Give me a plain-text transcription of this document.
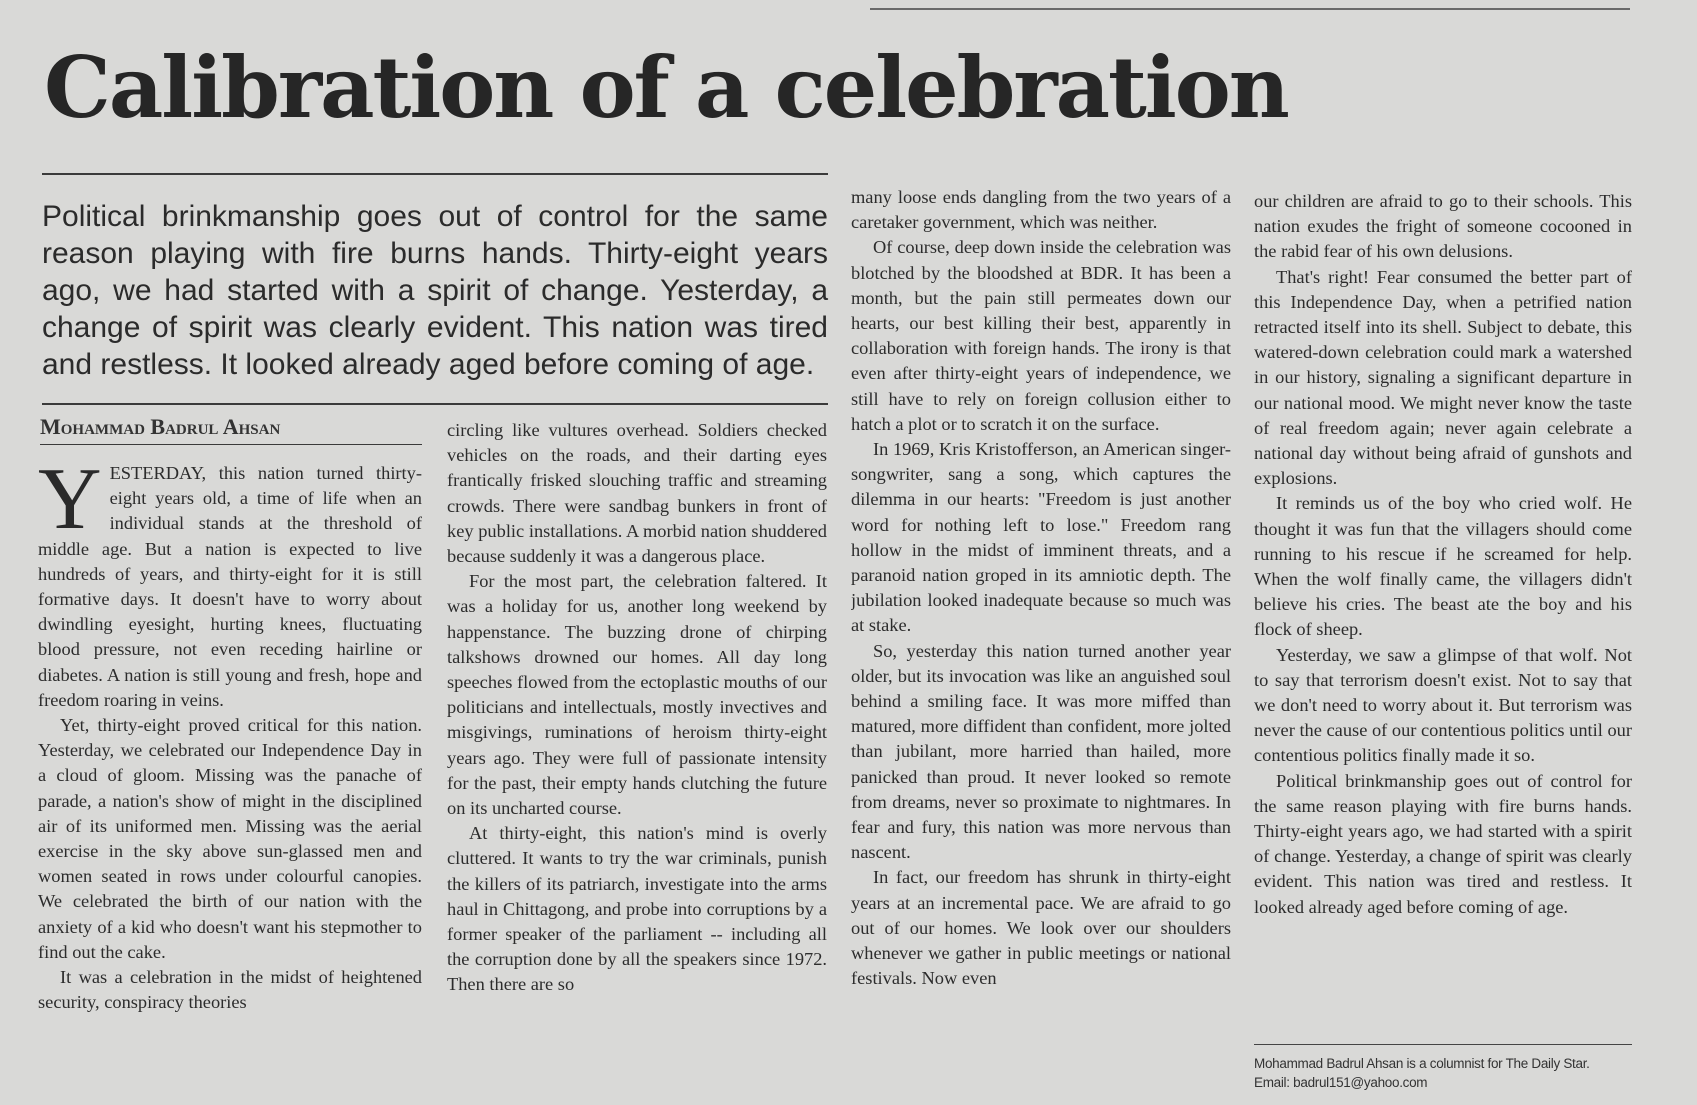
Calibration of a celebration

Political brinkmanship goes out of control for the same reason playing with fire burns hands. Thirty-eight years ago, we had started with a spirit of change. Yesterday, a change of spirit was clearly evident. This nation was tired and restless. It looked already aged before coming of age.

Mohammad Badrul Ahsan

YESTERDAY, this nation turned thirty-eight years old, a time of life when an individual stands at the threshold of middle age. But a nation is expected to live hundreds of years, and thirty-eight for it is still formative days. It doesn't have to worry about dwindling eyesight, hurting knees, fluctuating blood pressure, not even receding hairline or diabetes. A nation is still young and fresh, hope and freedom roaring in veins.

Yet, thirty-eight proved critical for this nation. Yesterday, we celebrated our Independence Day in a cloud of gloom. Missing was the panache of parade, a nation's show of might in the disciplined air of its uniformed men. Missing was the aerial exercise in the sky above sun-glassed men and women seated in rows under colourful canopies. We celebrated the birth of our nation with the anxiety of a kid who doesn't want his stepmother to find out the cake.

It was a celebration in the midst of heightened security, conspiracy theories

circling like vultures overhead. Soldiers checked vehicles on the roads, and their darting eyes frantically frisked slouching traffic and streaming crowds. There were sandbag bunkers in front of key public installations. A morbid nation shuddered because suddenly it was a dangerous place.

For the most part, the celebration faltered. It was a holiday for us, another long weekend by happenstance. The buzzing drone of chirping talkshows drowned our homes. All day long speeches flowed from the ectoplastic mouths of our politicians and intellectuals, mostly invectives and misgivings, ruminations of heroism thirty-eight years ago. They were full of passionate intensity for the past, their empty hands clutching the future on its uncharted course.

At thirty-eight, this nation's mind is overly cluttered. It wants to try the war criminals, punish the killers of its patriarch, investigate into the arms haul in Chittagong, and probe into corruptions by a former speaker of the parliament -- including all the corruption done by all the speakers since 1972. Then there are so

many loose ends dangling from the two years of a caretaker government, which was neither.

Of course, deep down inside the celebration was blotched by the bloodshed at BDR. It has been a month, but the pain still permeates down our hearts, our best killing their best, apparently in collaboration with foreign hands. The irony is that even after thirty-eight years of independence, we still have to rely on foreign collusion either to hatch a plot or to scratch it on the surface.

In 1969, Kris Kristofferson, an American singer-songwriter, sang a song, which captures the dilemma in our hearts: "Freedom is just another word for nothing left to lose." Freedom rang hollow in the midst of imminent threats, and a paranoid nation groped in its amniotic depth. The jubilation looked inadequate because so much was at stake.

So, yesterday this nation turned another year older, but its invocation was like an anguished soul behind a smiling face. It was more miffed than matured, more diffident than confident, more jolted than jubilant, more harried than hailed, more panicked than proud. It never looked so remote from dreams, never so proximate to nightmares. In fear and fury, this nation was more nervous than nascent.

In fact, our freedom has shrunk in thirty-eight years at an incremental pace. We are afraid to go out of our homes. We look over our shoulders whenever we gather in public meetings or national festivals. Now even

our children are afraid to go to their schools. This nation exudes the fright of someone cocooned in the rabid fear of his own delusions.

That's right! Fear consumed the better part of this Independence Day, when a petrified nation retracted itself into its shell. Subject to debate, this watered-down celebration could mark a watershed in our history, signaling a significant departure in our national mood. We might never know the taste of real freedom again; never again celebrate a national day without being afraid of gunshots and explosions.

It reminds us of the boy who cried wolf. He thought it was fun that the villagers should come running to his rescue if he screamed for help. When the wolf finally came, the villagers didn't believe his cries. The beast ate the boy and his flock of sheep.

Yesterday, we saw a glimpse of that wolf. Not to say that terrorism doesn't exist. Not to say that we don't need to worry about it. But terrorism was never the cause of our contentious politics until our contentious politics finally made it so.

Political brinkmanship goes out of control for the same reason playing with fire burns hands. Thirty-eight years ago, we had started with a spirit of change. Yesterday, a change of spirit was clearly evident. This nation was tired and restless. It looked already aged before coming of age.

Mohammad Badrul Ahsan is a columnist for The Daily Star.
Email: badrul151@yahoo.com
